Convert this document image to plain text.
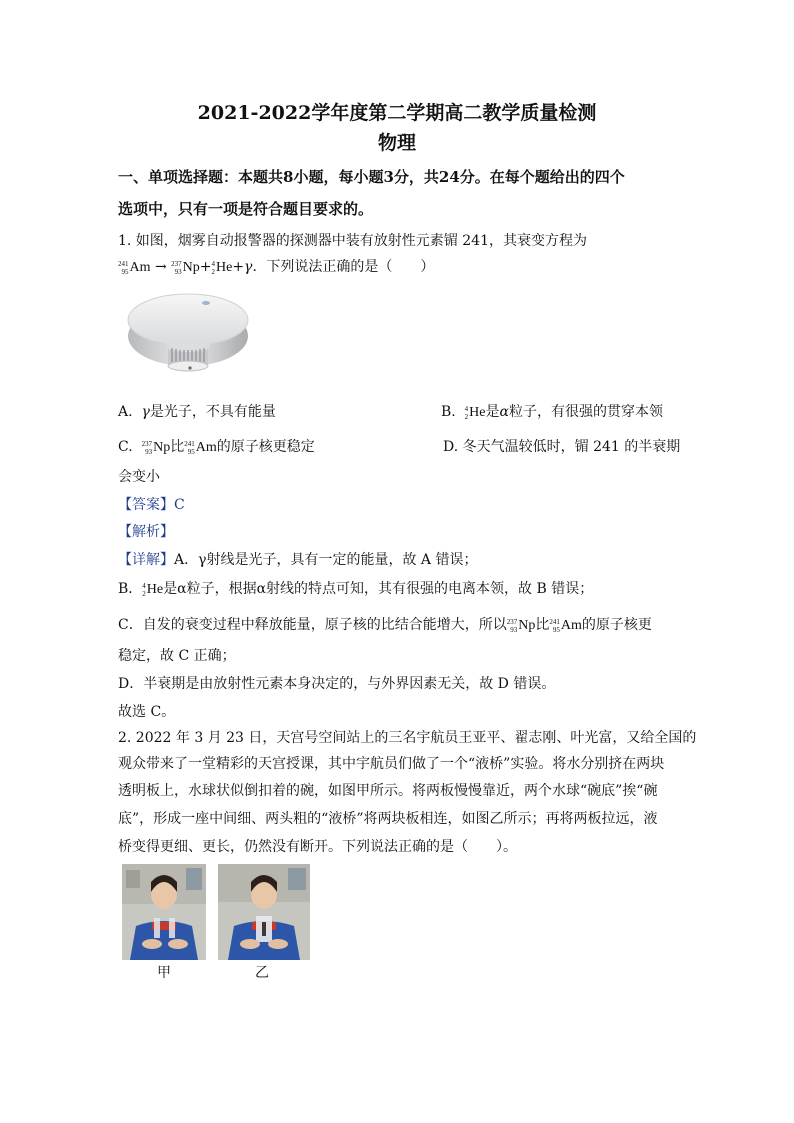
2021-2022学年度第二学期高二教学质量检测
物理
一、单项选择题：本题共8小题，每小题3分，共24分。在每个题给出的四个
选项中，只有一项是符合题目要求的。
1. 如图，烟雾自动报警器的探测器中装有放射性元素镅 241，其衰变方程为
241
95 Am → 237
93 Np+ 4
2 He+γ．下列说法正确的是（　　）
A. γ是光子，不具有能量	B. 4
2 He是α粒子，有很强的贯穿本领
C. 237
93 Np比 241
95 Am的原子核更稳定	D. 冬天气温较低时，镅 241 的半衰期
会变小
【答案】C
【解析】
【详解】A．γ射线是光子，具有一定的能量，故 A 错误；
B． 4
2 He是α粒子，根据α射线的特点可知，其有很强的电离本领，故 B 错误；
C．自发的衰变过程中释放能量，原子核的比结合能增大，所以 237
93 Np比 241
95 Am的原子核更
稳定，故 C 正确；
D．半衰期是由放射性元素本身决定的，与外界因素无关，故 D 错误。
故选 C。
2. 2022 年 3 月 23 日，天宫号空间站上的三名宇航员王亚平、翟志刚、叶光富，又给全国的
观众带来了一堂精彩的天宫授课，其中宇航员们做了一个“液桥”实验。将水分别挤在两块
透明板上，水球状似倒扣着的碗，如图甲所示。将两板慢慢靠近，两个水球“碗底”挨“碗
底”，形成一座中间细、两头粗的“液桥”将两块板相连，如图乙所示；再将两板拉远，液
桥变得更细、更长，仍然没有断开。下列说法正确的是（　　）。
甲	乙
